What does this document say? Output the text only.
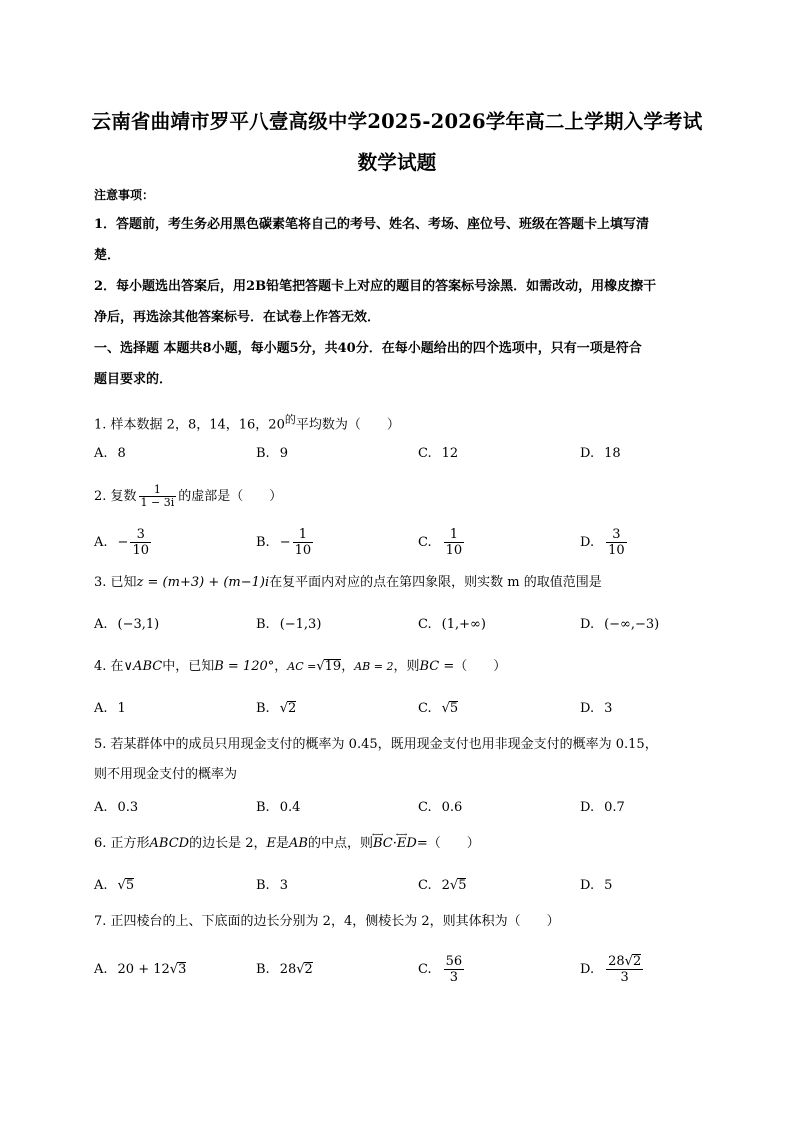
云南省曲靖市罗平八壹高级中学2025-2026学年高二上学期入学考试
数学试题
注意事项：
1．答题前，考生务必用黑色碳素笔将自己的考号、姓名、考场、座位号、班级在答题卡上填写清
楚．
2．每小题选出答案后，用2B铅笔把答题卡上对应的题目的答案标号涂黑．如需改动，用橡皮擦干
净后，再选涂其他答案标号．在试卷上作答无效．
一、选择题 本题共8小题，每小题5分，共40分．在每小题给出的四个选项中，只有一项是符合
题目要求的．
1. 样本数据 2，8，14，16，$20^的$平均数为（　　）
A. 8	B. 9	C. 12	D. 18
2. 复数 $\frac{1}{1 - 3i}$ 的虚部是（　　）
A. − $\frac{3}{10}$	B. − $\frac{1}{10}$	C. $\frac{1}{10}$	D. $\frac{3}{10}$
3. 已知z = (m+3) + (m−1)i在复平面内对应的点在第四象限，则实数 m 的取值范围是
A. (−3,1)	B. (−1,3)	C. (1,+∞)	D. (−∞,−3)
4. 在∨ABC中，已知B = 120°，AC =√19，AB = 2，则BC =（　　）
A. 1	B. √2	C. √5	D. 3
5. 若某群体中的成员只用现金支付的概率为 0.45，既用现金支付也用非现金支付的概率为 0.15，
则不用现金支付的概率为
A. 0.3	B. 0.4	C. 0.6	D. 0.7
6. 正方形ABCD的边长是 2，E是AB的中点，则←→ BC·←→ ED=（　　）
A. √5	B. 3	C. 2 √5	D. 5
7. 正四棱台的上、下底面的边长分别为 2，4，侧棱长为 2，则其体积为（　　）
A. 20 + 12 √3	B. 28 √2	C. $\frac{56}{3}$	D. $\frac{28√2}{3}$
